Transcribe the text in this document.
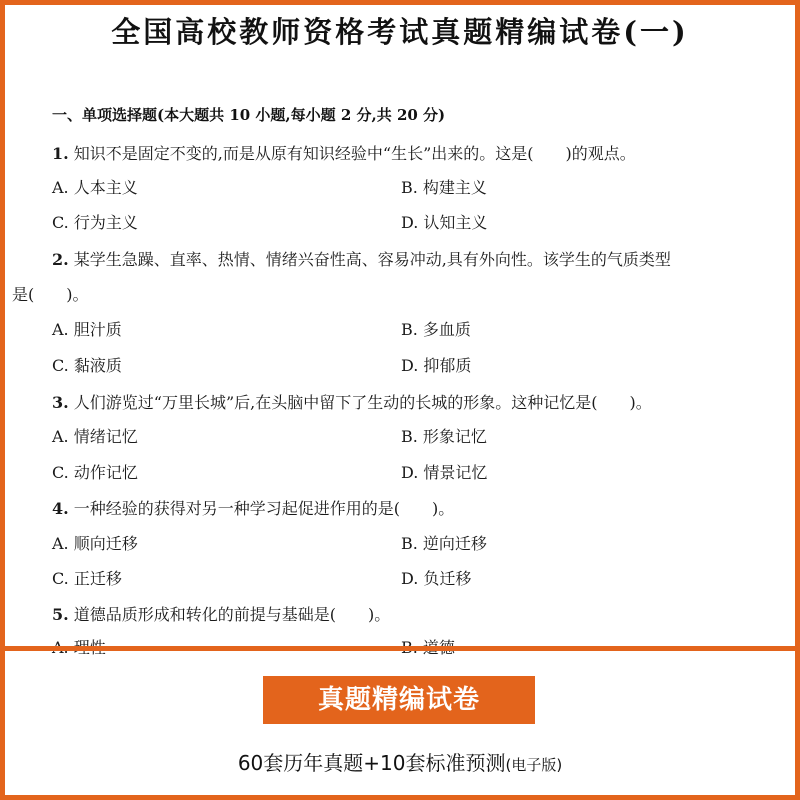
全国高校教师资格考试真题精编试卷(一)
一、单项选择题(本大题共 10 小题,每小题 2 分,共 20 分)
1. 知识不是固定不变的,而是从原有知识经验中“生长”出来的。这是(　　)的观点。
A. 人本主义	B. 构建主义
C. 行为主义	D. 认知主义
2. 某学生急躁、直率、热情、情绪兴奋性高、容易冲动,具有外向性。该学生的气质类型
是(　　)。
A. 胆汁质	B. 多血质
C. 黏液质	D. 抑郁质
3. 人们游览过“万里长城”后,在头脑中留下了生动的长城的形象。这种记忆是(　　)。
A. 情绪记忆	B. 形象记忆
C. 动作记忆	D. 情景记忆
4. 一种经验的获得对另一种学习起促进作用的是(　　)。
A. 顺向迁移	B. 逆向迁移
C. 正迁移	D. 负迁移
5. 道德品质形成和转化的前提与基础是(　　)。
真题精编试卷
60套历年真题+10套标准预测(电子版)
